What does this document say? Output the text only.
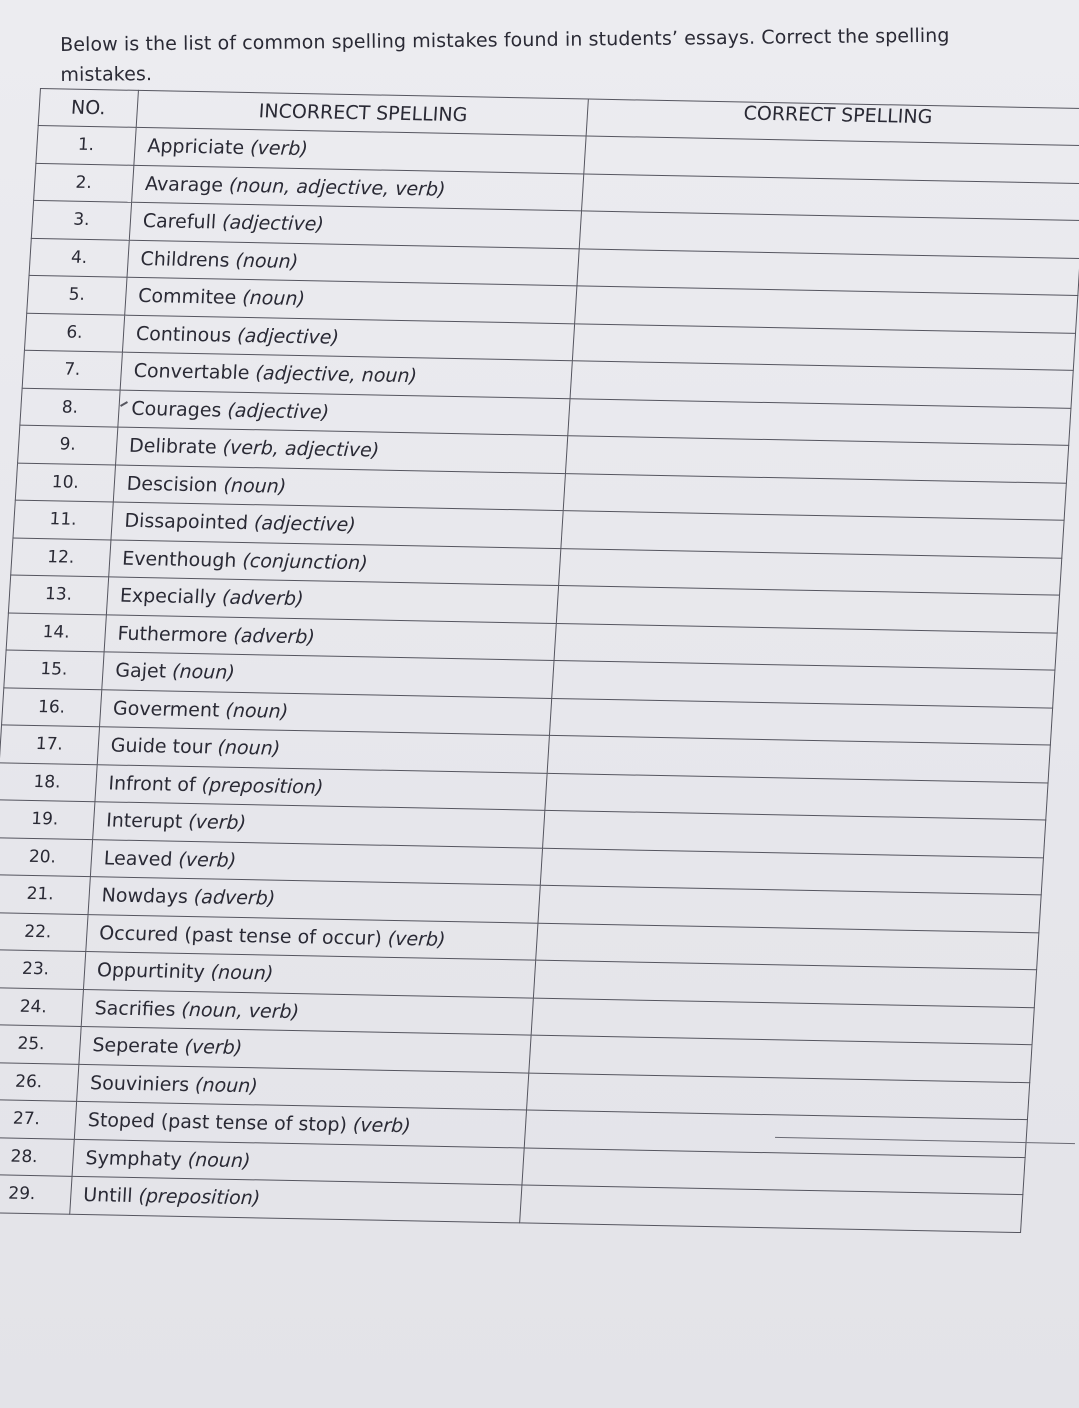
Below is the list of common spelling mistakes found in students’ essays. Correct the spelling
mistakes.

NO.	INCORRECT SPELLING	CORRECT SPELLING
1.	Appriciate (verb)	
2.	Avarage (noun, adjective, verb)	
3.	Carefull (adjective)	
4.	Childrens (noun)	
5.	Commitee (noun)	
6.	Continous (adjective)	
7.	Convertable (adjective, noun)	
8.	Courages (adjective)	
9.	Delibrate (verb, adjective)	
10.	Descision (noun)	
11.	Dissapointed (adjective)	
12.	Eventhough (conjunction)	
13.	Expecially (adverb)	
14.	Futhermore (adverb)	
15.	Gajet (noun)	
16.	Goverment (noun)	
17.	Guide tour (noun)	
18.	Infront of (preposition)	
19.	Interupt (verb)	
20.	Leaved (verb)	
21.	Nowdays (adverb)	
22.	Occured (past tense of occur) (verb)	
23.	Oppurtinity (noun)	
24.	Sacrifies (noun, verb)	
25.	Seperate (verb)	
26.	Souviniers (noun)	
27.	Stoped (past tense of stop) (verb)	
28.	Symphaty (noun)	
29.	Untill (preposition)	
